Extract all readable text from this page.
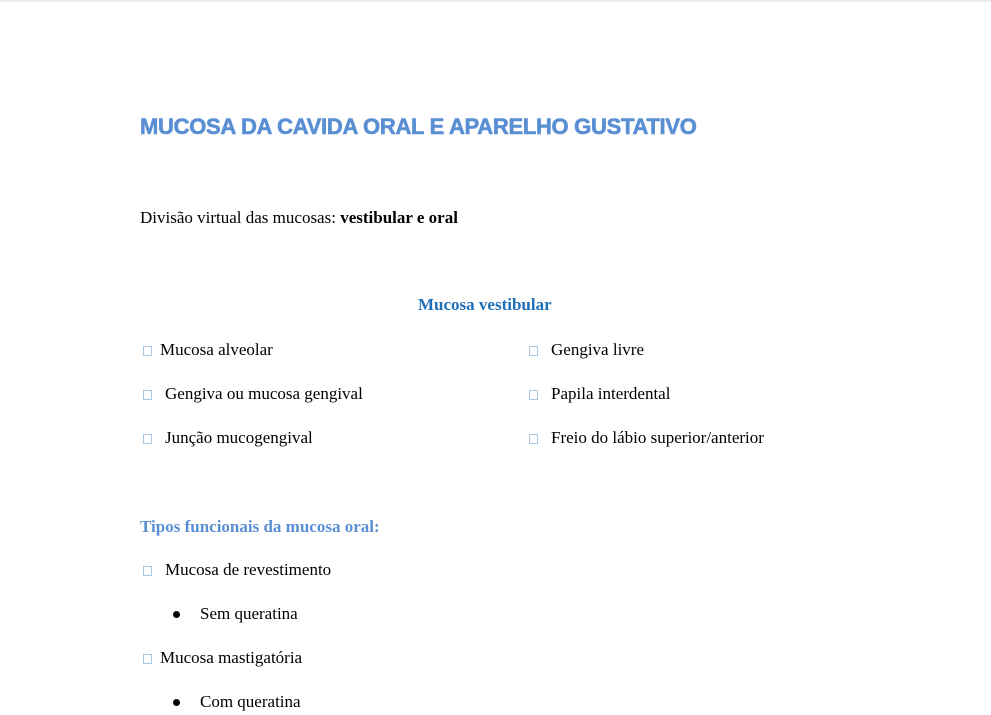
MUCOSA DA CAVIDA ORAL E APARELHO GUSTATIVO
Divisão virtual das mucosas: vestibular e oral
Mucosa vestibular
Mucosa alveolar
Gengiva ou mucosa gengival
Junção mucogengival
Gengiva livre
Papila interdental
Freio do lábio superior/anterior
Tipos funcionais da mucosa oral:
Mucosa de revestimento
Sem queratina
Mucosa mastigatória
Com queratina
